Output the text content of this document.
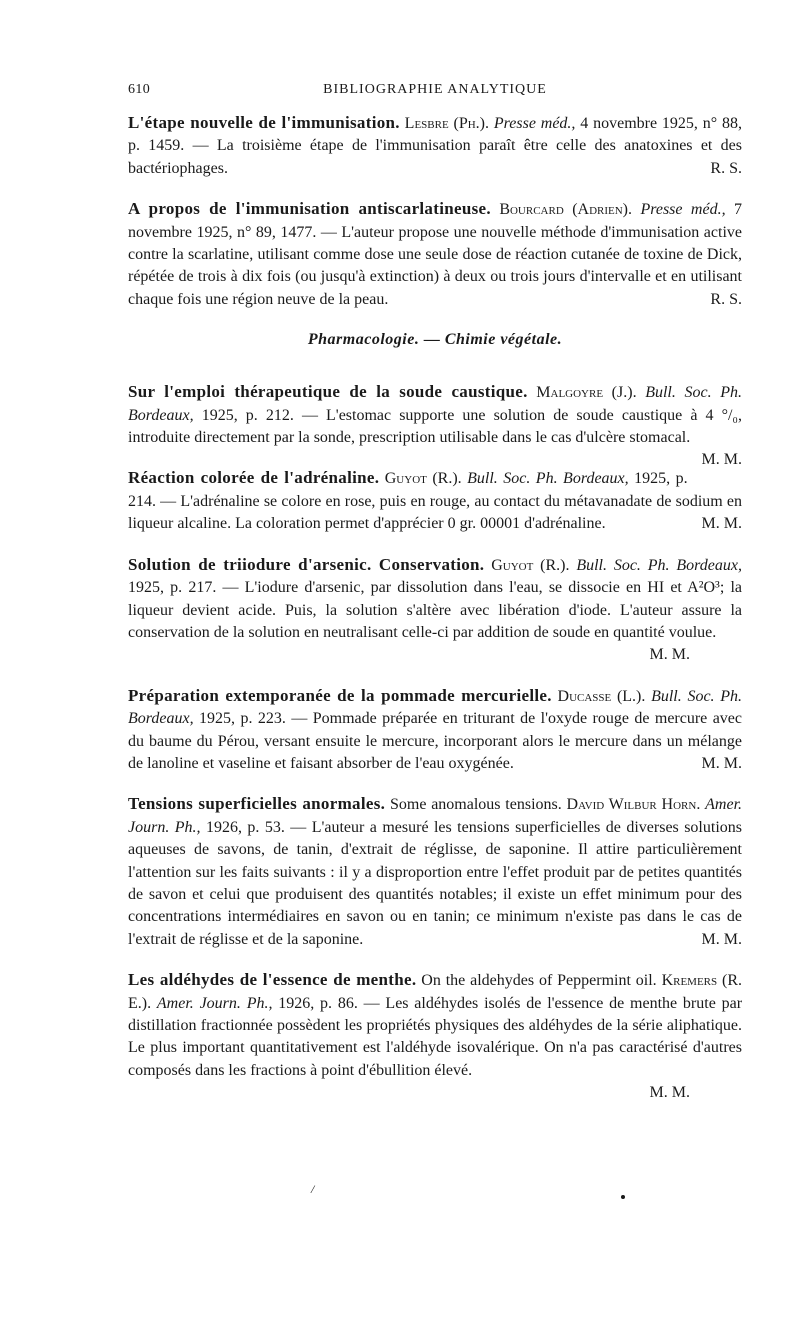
610	BIBLIOGRAPHIE ANALYTIQUE

L'étape nouvelle de l'immunisation. Lesbre (Ph.). Presse méd., 4 novembre 1925, n° 88, p. 1459. — La troisième étape de l'immunisation paraît être celle des anatoxines et des bactériophages.	R. S.

A propos de l'immunisation antiscarlatineuse. Bourcard (Adrien). Presse méd., 7 novembre 1925, n° 89, 1477. — L'auteur propose une nouvelle méthode d'immunisation active contre la scarlatine, utilisant comme dose une seule dose de réaction cutanée de toxine de Dick, répétée de trois à dix fois (ou jusqu'à extinction) à deux ou trois jours d'intervalle et en utilisant chaque fois une région neuve de la peau.	R. S.

Pharmacologie. — Chimie végétale.

Sur l'emploi thérapeutique de la soude caustique. Malgoyre (J.). Bull. Soc. Ph. Bordeaux, 1925, p. 212. — L'estomac supporte une solution de soude caustique à 4 °/₀, introduite directement par la sonde, prescription utilisable dans le cas d'ulcère stomacal.
M. M.

Réaction colorée de l'adrénaline. Guyot (R.). Bull. Soc. Ph. Bordeaux, 1925, p. 214. — L'adrénaline se colore en rose, puis en rouge, au contact du métavanadate de sodium en liqueur alcaline. La coloration permet d'apprécier 0 gr. 00001 d'adrénaline.	M. M.

Solution de triiodure d'arsenic. Conservation. Guyot (R.). Bull. Soc. Ph. Bordeaux, 1925, p. 217. — L'iodure d'arsenic, par dissolution dans l'eau, se dissocie en HI et A²O³; la liqueur devient acide. Puis, la solution s'altère avec libération d'iode. L'auteur assure la conservation de la solution en neutralisant celle-ci par addition de soude en quantité voulue.
M. M.

Préparation extemporanée de la pommade mercurielle. Ducasse (L.). Bull. Soc. Ph. Bordeaux, 1925, p. 223. — Pommade préparée en triturant de l'oxyde rouge de mercure avec du baume du Pérou, versant ensuite le mercure, incorporant alors le mercure dans un mélange de lanoline et vaseline et faisant absorber de l'eau oxygénée.	M. M.

Tensions superficielles anormales. Some anomalous tensions. David Wilbur Horn. Amer. Journ. Ph., 1926, p. 53. — L'auteur a mesuré les tensions superficielles de diverses solutions aqueuses de savons, de tanin, d'extrait de réglisse, de saponine. Il attire particulièrement l'attention sur les faits suivants : il y a disproportion entre l'effet produit par de petites quantités de savon et celui que produisent des quantités notables; il existe un effet minimum pour des concentrations intermédiaires en savon ou en tanin; ce minimum n'existe pas dans le cas de l'extrait de réglisse et de la saponine.	M. M.

Les aldéhydes de l'essence de menthe. On the aldehydes of Peppermint oil. Kremers (R. E.). Amer. Journ. Ph., 1926, p. 86. — Les aldéhydes isolés de l'essence de menthe brute par distillation fractionnée possèdent les propriétés physiques des aldéhydes de la série aliphatique. Le plus important quantitativement est l'aldéhyde isovalérique. On n'a pas caractérisé d'autres composés dans les fractions à point d'ébullition élevé.
M. M.

/
